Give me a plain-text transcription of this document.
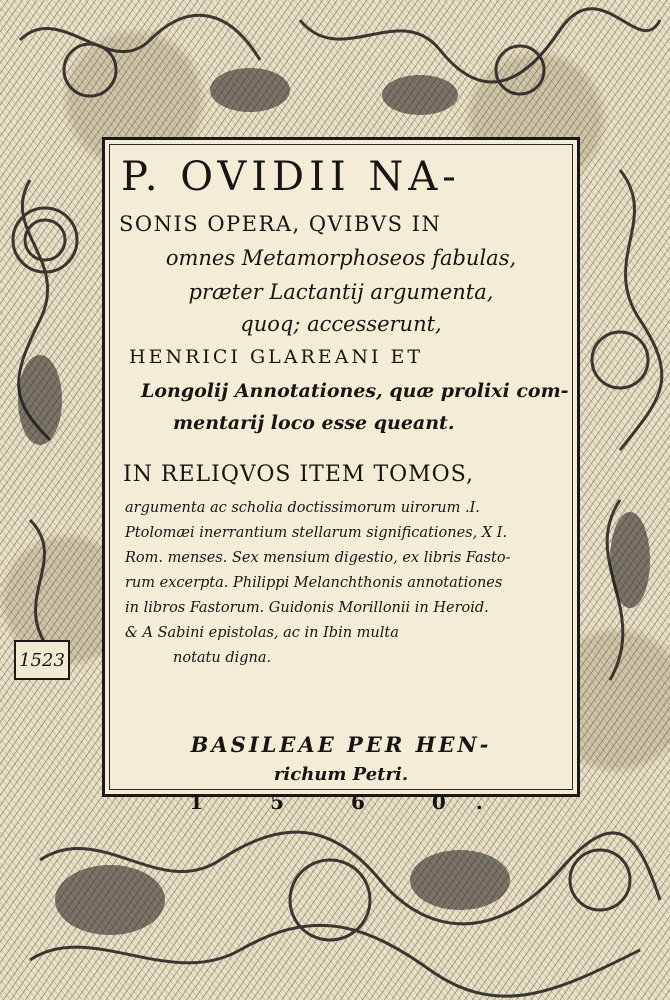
1523
P. OVIDII NA-
SONIS OPERA, QVIBVS IN
omnes Metamorphoseos fabulas,
præter Lactantij argumenta,
quoq; accesserunt,
HENRICI GLAREANI ET
Longolij Annotationes, quæ prolixi com-
mentarij loco esse queant.
IN RELIQVOS ITEM TOMOS,
argumenta ac scholia doctissimorum uirorum .I.
Ptolomæi inerrantium stellarum significationes, X I.
Rom. menses. Sex mensium digestio, ex libris Fasto-
rum excerpta. Philippi Melanchthonis annotationes
in libros Fastorum. Guidonis Morillonii in Heroid.
& A Sabini epistolas, ac in Ibin multa
notatu digna.
BASILEAE PER HEN-
richum Petri.
1 5 6 0.
